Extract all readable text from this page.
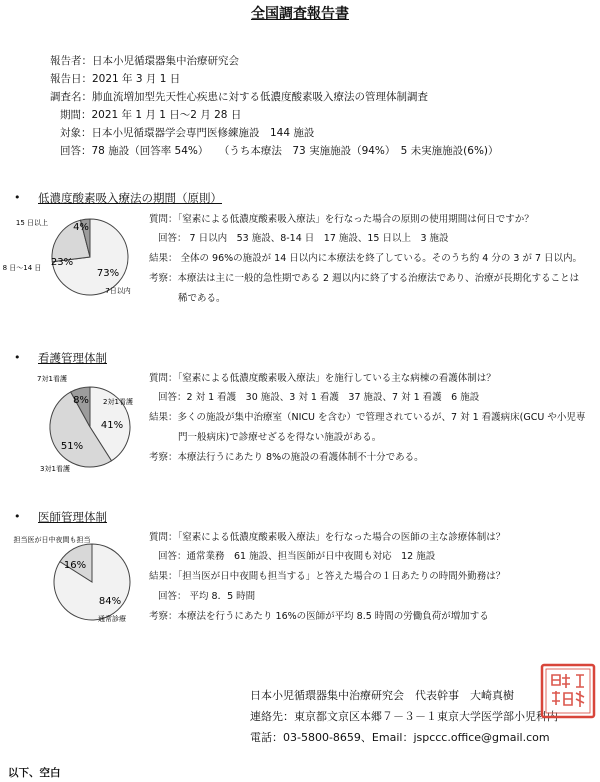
全国調査報告書
報告者：日本小児循環器集中治療研究会
報告日：2021 年 3 月 1 日
調査名：肺血流増加型先天性心疾患に対する低濃度酸素吸入療法の管理体制調査
期間：2021 年 1 月 1 日～2 月 28 日
対象：日本小児循環器学会専門医修練施設　144 施設
回答：78 施設（回答率 54%）　　（うち本療法　73 実施施設（94%）　5 未実施施設(6%)）
• 低濃度酸素吸入療法の期間（原則）
73%
23%
4%
7日以内
8 日～14 日
15 日以上	質問：「窒素による低濃度酸素吸入療法」を行なった場合の原則の使用期間は何日ですか？
回答： 7 日以内　53 施設、8-14 日　17 施設、15 日以上　3 施設
結果： 全体の 96%の施設が 14 日以内に本療法を終了している。そのうち約 4 分の 3 が 7 日以内。
考察：本療法は主に一般的急性期である 2 週以内に終了する治療法であり、治療が長期化することは
稀である。
• 看護管理体制
41%
51%
8% 2対1看護
3対1看護
7対1看護	質問：「窒素による低濃度酸素吸入療法」を施行している主な病棟の看護体制は？
回答：2 対 1 看護　30 施設、3 対 1 看護　37 施設、7 対 1 看護　6 施設
結果：多くの施設が集中治療室（NICU を含む）で管理されているが、7 対 1 看護病床(GCU や小児専
門一般病床)で診療せざるを得ない施設がある。
考察：本療法行うにあたり 8%の施設の看護体制不十分である。
• 医師管理体制
84%
16%
通常診療
担当医が日中夜間も担当	質問：「窒素による低濃度酸素吸入療法」を行なった場合の医師の主な診療体制は？
回答：通常業務　61 施設、担当医師が日中夜間も対応　12 施設
結果：「担当医が日中夜間も担当する」と答えた場合の１日あたりの時間外勤務は？
回答： 平均 8．5 時間
考察：本療法を行うにあたり 16%の医師が平均 8.5 時間の労働負荷が増加する
日本小児循環器集中治療研究会　代表幹事　大崎真樹
連絡先：東京都文京区本郷７－３－１東京大学医学部小児科内
電話：03-5800-8659、Email：jspccc.office@gmail.com
以下、空白
